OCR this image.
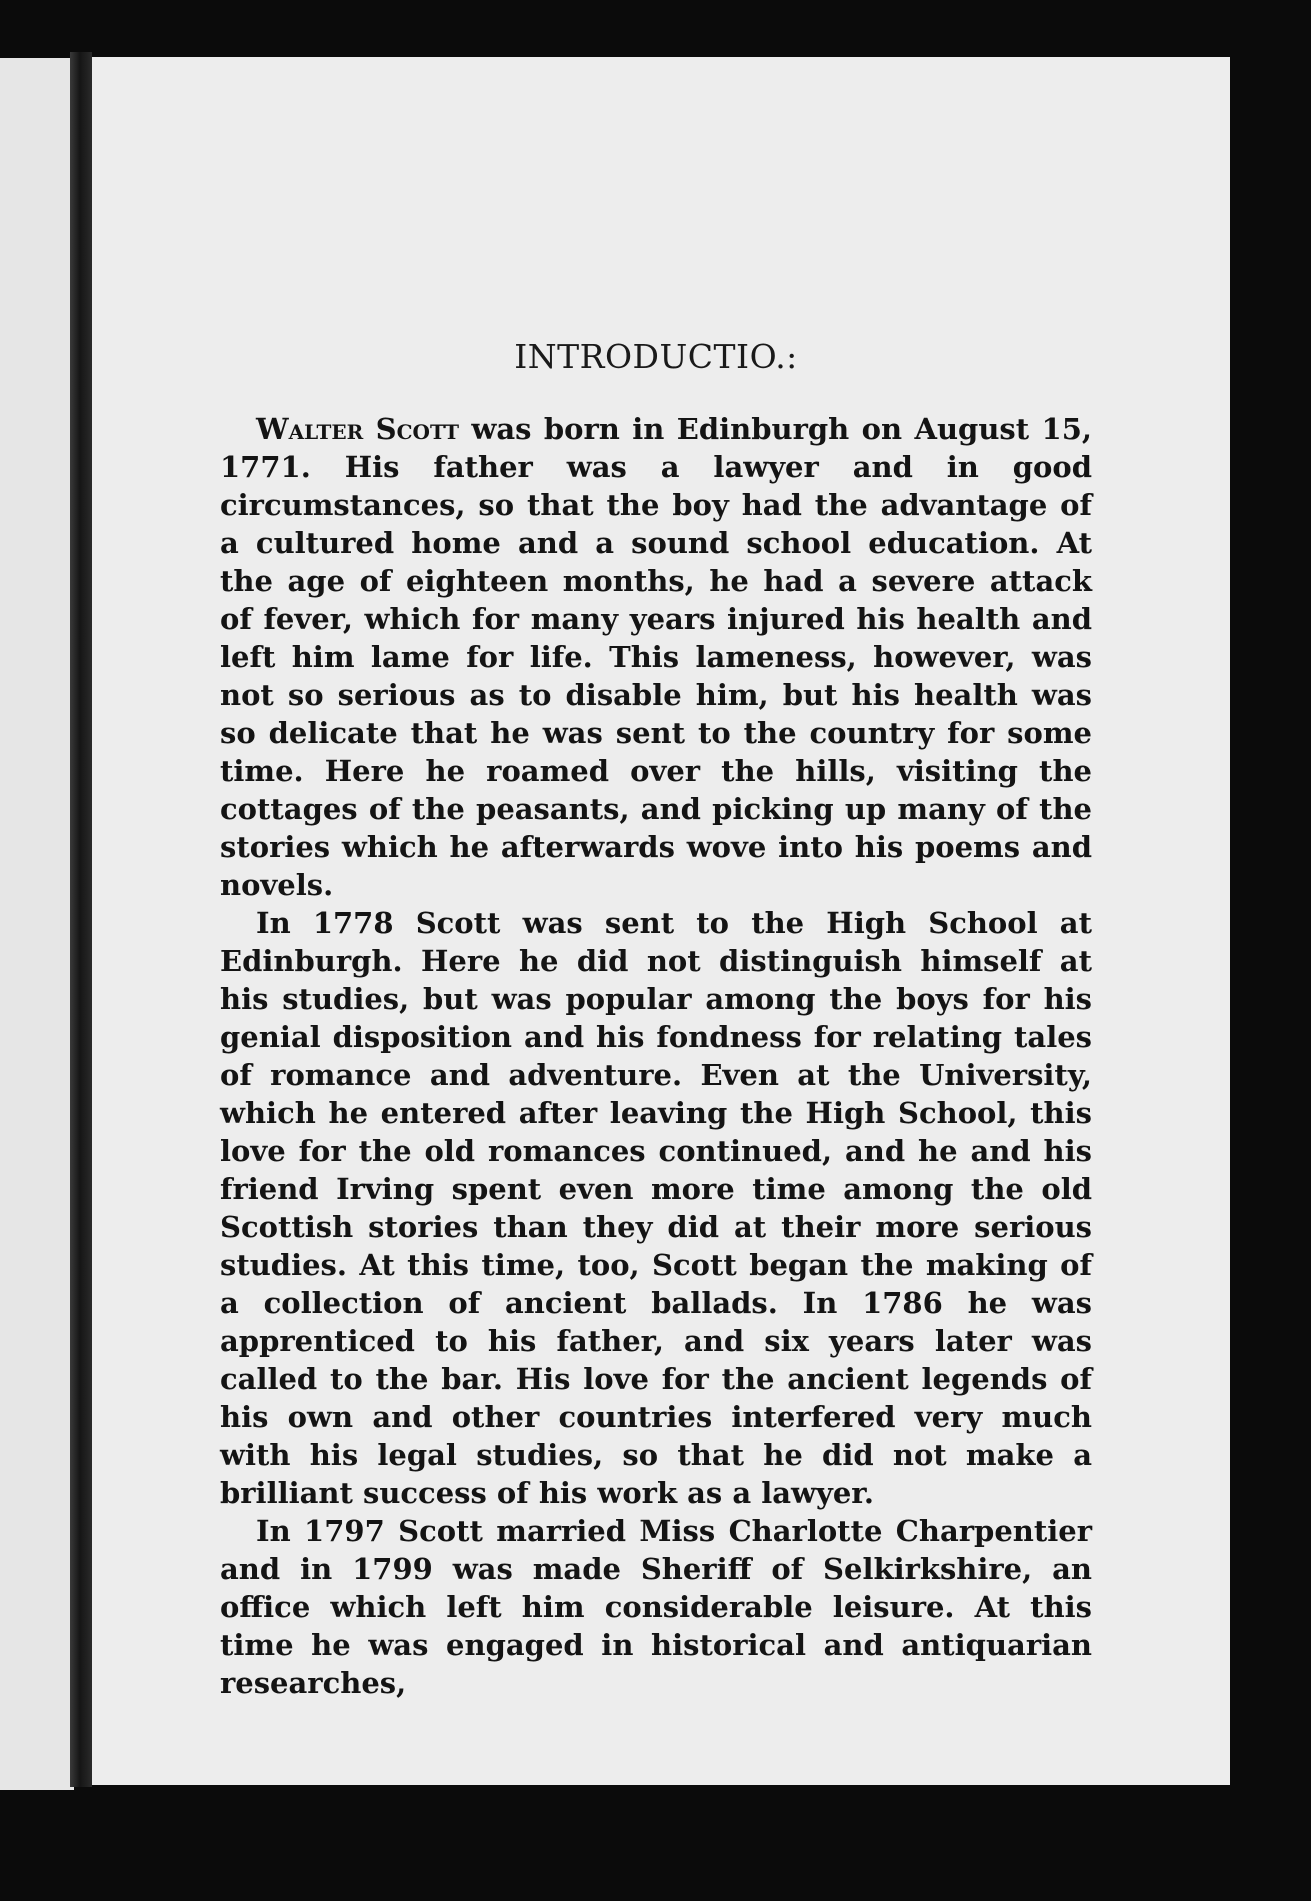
INTRODUCTIO.:

Walter Scott was born in Edinburgh on August 15, 1771. His father was a lawyer and in good circumstances, so that the boy had the advantage of a cultured home and a sound school education. At the age of eighteen months, he had a severe attack of fever, which for many years injured his health and left him lame for life. This lameness, however, was not so serious as to disable him, but his health was so delicate that he was sent to the country for some time. Here he roamed over the hills, visiting the cottages of the peasants, and picking up many of the stories which he afterwards wove into his poems and novels.

In 1778 Scott was sent to the High School at Edinburgh. Here he did not distinguish himself at his studies, but was popular among the boys for his genial disposition and his fondness for relating tales of romance and adventure. Even at the University, which he entered after leaving the High School, this love for the old romances continued, and he and his friend Irving spent even more time among the old Scottish stories than they did at their more serious studies. At this time, too, Scott began the making of a collection of ancient ballads. In 1786 he was apprenticed to his father, and six years later was called to the bar. His love for the ancient legends of his own and other countries interfered very much with his legal studies, so that he did not make a brilliant success of his work as a lawyer.

In 1797 Scott married Miss Charlotte Charpentier and in 1799 was made Sheriff of Selkirkshire, an office which left him considerable leisure. At this time he was engaged in historical and antiquarian researches,
